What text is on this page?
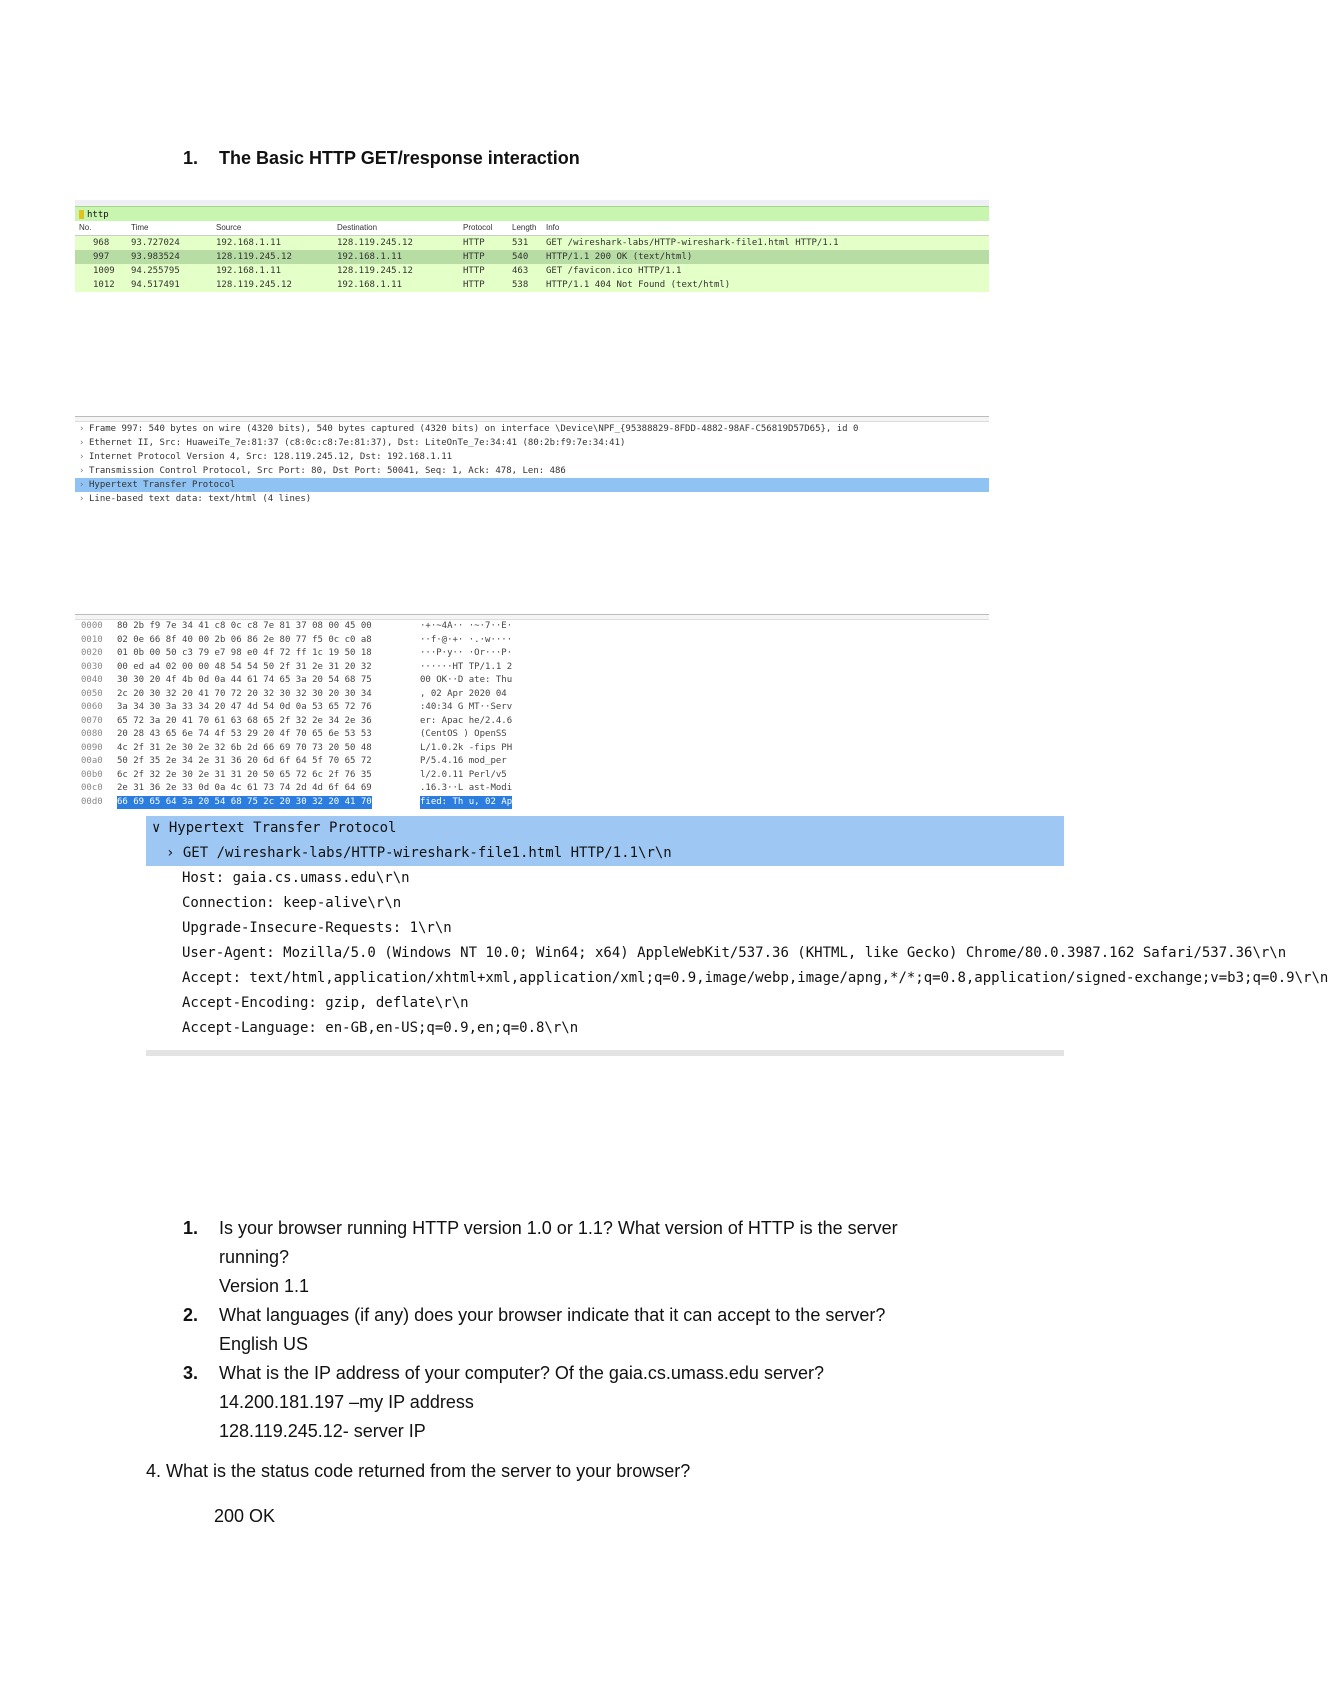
1. The Basic HTTP GET/response interaction
http
No.	Time	Source	Destination	Protocol Length Info
968 93.727024	192.168.1.11	128.119.245.12	HTTP	531 GET /wireshark-labs/HTTP-wireshark-file1.html HTTP/1.1
997 93.983524	128.119.245.12	192.168.1.11	HTTP	540 HTTP/1.1 200 OK (text/html)
1009 94.255795	192.168.1.11	128.119.245.12	HTTP	463 GET /favicon.ico HTTP/1.1
1012 94.517491	128.119.245.12	192.168.1.11	HTTP	538 HTTP/1.1 404 Not Found (text/html)
› Frame 997: 540 bytes on wire (4320 bits), 540 bytes captured (4320 bits) on interface \Device\NPF_{95388829-8FDD-4882-98AF-C56819D57D65}, id 0
› Ethernet II, Src: HuaweiTe_7e:81:37 (c8:0c:c8:7e:81:37), Dst: LiteOnTe_7e:34:41 (80:2b:f9:7e:34:41)
› Internet Protocol Version 4, Src: 128.119.245.12, Dst: 192.168.1.11
› Transmission Control Protocol, Src Port: 80, Dst Port: 50041, Seq: 1, Ack: 478, Len: 486
› Hypertext Transfer Protocol
› Line-based text data: text/html (4 lines)
0000 80 2b f9 7e 34 41 c8 0c c8 7e 81 37 08 00 45 00	·+·~4A·· ·~·7··E·
0010 02 0e 66 8f 40 00 2b 06 86 2e 80 77 f5 0c c0 a8	··f·@·+· ·.·w····
0020 01 0b 00 50 c3 79 e7 98 e0 4f 72 ff 1c 19 50 18	···P·y·· ·Or···P·
0030 00 ed a4 02 00 00 48 54 54 50 2f 31 2e 31 20 32	······HT TP/1.1 2
0040 30 30 20 4f 4b 0d 0a 44 61 74 65 3a 20 54 68 75	00 OK··D ate: Thu
0050 2c 20 30 32 20 41 70 72 20 32 30 32 30 20 30 34	, 02 Apr 2020 04
0060 3a 34 30 3a 33 34 20 47 4d 54 0d 0a 53 65 72 76	:40:34 G MT··Serv
0070 65 72 3a 20 41 70 61 63 68 65 2f 32 2e 34 2e 36	er: Apac he/2.4.6
0080 20 28 43 65 6e 74 4f 53 29 20 4f 70 65 6e 53 53	(CentOS ) OpenSS
0090 4c 2f 31 2e 30 2e 32 6b 2d 66 69 70 73 20 50 48	L/1.0.2k -fips PH
00a0 50 2f 35 2e 34 2e 31 36 20 6d 6f 64 5f 70 65 72	P/5.4.16 mod_per
00b0 6c 2f 32 2e 30 2e 31 31 20 50 65 72 6c 2f 76 35	l/2.0.11 Perl/v5
00c0 2e 31 36 2e 33 0d 0a 4c 61 73 74 2d 4d 6f 64 69	.16.3··L ast-Modi
00d0 66 69 65 64 3a 20 54 68 75 2c 20 30 32 20 41 70	fied: Th u, 02 Ap
∨ Hypertext Transfer Protocol
› GET /wireshark-labs/HTTP-wireshark-file1.html HTTP/1.1\r\n
Host: gaia.cs.umass.edu\r\n
Connection: keep-alive\r\n
Upgrade-Insecure-Requests: 1\r\n
User-Agent: Mozilla/5.0 (Windows NT 10.0; Win64; x64) AppleWebKit/537.36 (KHTML, like Gecko) Chrome/80.0.3987.162 Safari/537.36\r\n
Accept: text/html,application/xhtml+xml,application/xml;q=0.9,image/webp,image/apng,*/*;q=0.8,application/signed-exchange;v=b3;q=0.9\r\n
Accept-Encoding: gzip, deflate\r\n
Accept-Language: en-GB,en-US;q=0.9,en;q=0.8\r\n
1. Is your browser running HTTP version 1.0 or 1.1? What version of HTTP is the server
running?
Version 1.1
2. What languages (if any) does your browser indicate that it can accept to the server?
English US
3. What is the IP address of your computer? Of the gaia.cs.umass.edu server?
14.200.181.197 –my IP address
128.119.245.12- server IP
4. What is the status code returned from the server to your browser?
200 OK
